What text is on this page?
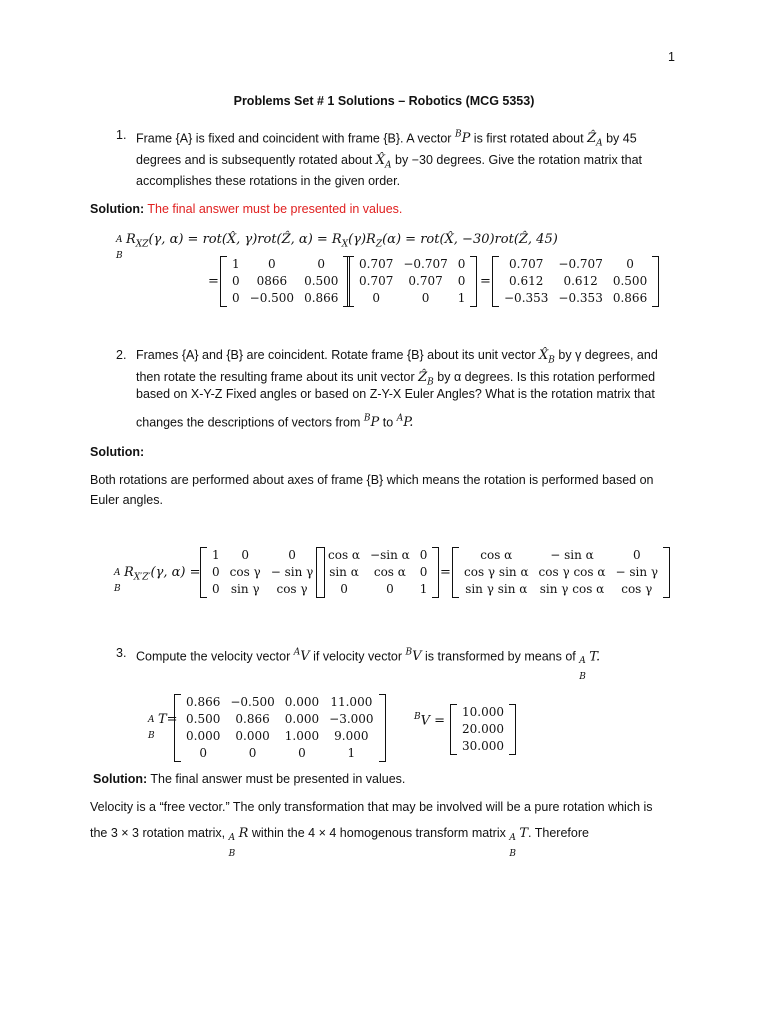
1
Problems Set # 1 Solutions – Robotics (MCG 5353)
1. Frame {A} is fixed and coincident with frame {B}. A vector $^B$P is first rotated about Ẑ$_A$ by 45
degrees and is subsequently rotated about $X̂_A$ by −30 degrees. Give the rotation matrix that
accomplishes these rotations in the given order.
Solution: The final answer must be presented in values.
A
B
$R_{XZ}(\gamma$, α) = rot(X̂, γ)rot(Ẑ, $\alpha) = R_X(\gamma)R_Z(\alpha)$ = rot(X̂, −30)rot(Ẑ, 45)
=
1	0	0
0	0866	0.500
0	−0.500	0.866
0.707	−0.707	0
0.707	0.707	0
0	0	1
=
0.707	−0.707	0
0.612	0.612	0.500
−0.353	−0.353	0.866
2. Frames {A} and {B} are coincident. Rotate frame {B} about its unit vector $X̂_B$ by γ degrees, and
then rotate the resulting frame about its unit vector Ẑ$_B$ by α degrees. Is this rotation performed
based on X-Y-Z Fixed angles or based on Z-Y-X Euler Angles? What is the rotation matrix that
changes the descriptions of vectors from $^B$P to $^A$P.
Solution:
Both rotations are performed about axes of frame {B} which means the rotation is performed based on
Euler angles.
A
B
$R_{X'Z'}(\gamma$, α) =
1	0	0
0	cos γ	− sin γ
0	sin γ	cos γ
cos α	−sin α	0
sin α	cos α	0
0	0	1
=
cos α	− sin α	0
cos γ sin α	cos γ cos α	− sin γ
sin γ sin α	sin γ cos α	cos γ
3. Compute the velocity vector $^A$V if velocity vector $^B$V is transformed by means of A
B
T.
A
B
T=
0.866	−0.500	0.000	11.000
0.500	0.866	0.000	−3.000
0.000	0.000	1.000	9.000
0	0	0	1
$^B$V =
10.000
20.000
30.000
Solution: The final answer must be presented in values.
Velocity is a “free vector.” The only transformation that may be involved will be a pure rotation which is
the 3 × 3 rotation matrix, A
B
R within the 4 × 4 homogenous transform matrix A
B
T. Therefore
